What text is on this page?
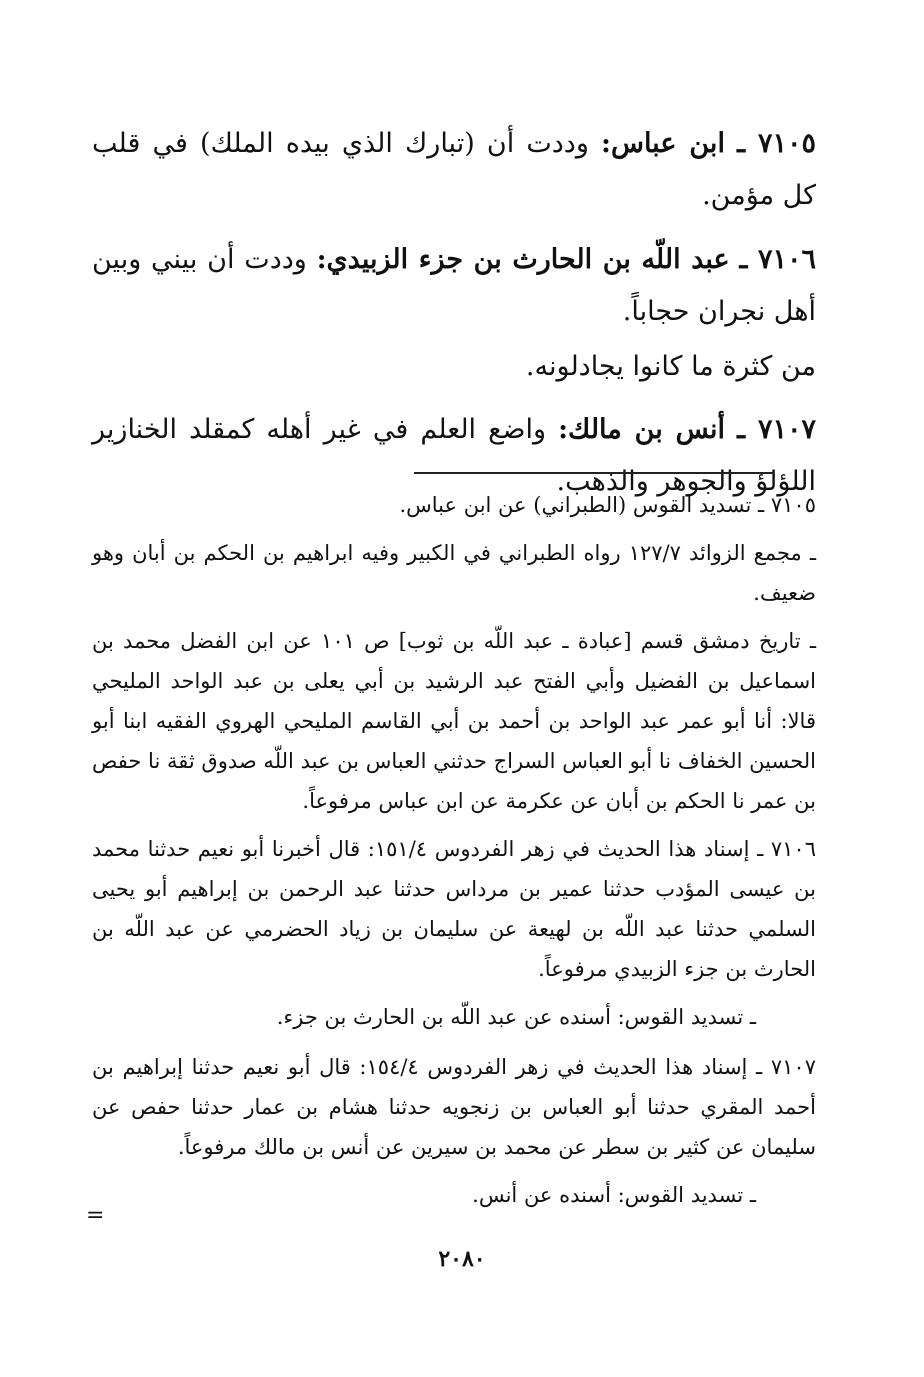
٧١٠٥ ـ ابن عباس: وددت أن (تبارك الذي بيده الملك) في قلب كل مؤمن.

٧١٠٦ ـ عبد اللّه بن الحارث بن جزء الزبيدي: وددت أن بيني وبين أهل نجران حجاباً.

من كثرة ما كانوا يجادلونه.

٧١٠٧ ـ أنس بن مالك: واضع العلم في غير أهله كمقلد الخنازير اللؤلؤ والجوهر والذهب.

٧١٠٥ ـ تسديد القوس (الطبراني) عن ابن عباس.

ـ مجمع الزوائد ١٢٧/٧ رواه الطبراني في الكبير وفيه ابراهيم بن الحكم بن أبان وهو ضعيف.

ـ تاريخ دمشق قسم [عبادة ـ عبد اللّه بن ثوب] ص ١٠١ عن ابن الفضل محمد بن اسماعيل بن الفضيل وأبي الفتح عبد الرشيد بن أبي يعلى بن عبد الواحد المليحي قالا: أنا أبو عمر عبد الواحد بن أحمد بن أبي القاسم المليحي الهروي الفقيه ابنا أبو الحسين الخفاف نا أبو العباس السراج حدثني العباس بن عبد اللّه صدوق ثقة نا حفص بن عمر نا الحكم بن أبان عن عكرمة عن ابن عباس مرفوعاً.

٧١٠٦ ـ إسناد هذا الحديث في زهر الفردوس ١٥١/٤: قال أخبرنا أبو نعيم حدثنا محمد بن عيسى المؤدب حدثنا عمير بن مرداس حدثنا عبد الرحمن بن إبراهيم أبو يحيى السلمي حدثنا عبد اللّه بن لهيعة عن سليمان بن زياد الحضرمي عن عبد اللّه بن الحارث بن جزء الزبيدي مرفوعاً.

ـ تسديد القوس: أسنده عن عبد اللّه بن الحارث بن جزء.

٧١٠٧ ـ إسناد هذا الحديث في زهر الفردوس ١٥٤/٤: قال أبو نعيم حدثنا إبراهيم بن أحمد المقري حدثنا أبو العباس بن زنجويه حدثنا هشام بن عمار حدثنا حفص عن سليمان عن كثير بن سطر عن محمد بن سيرين عن أنس بن مالك مرفوعاً.

ـ تسديد القوس: أسنده عن أنس.

=
٢٠٨٠
